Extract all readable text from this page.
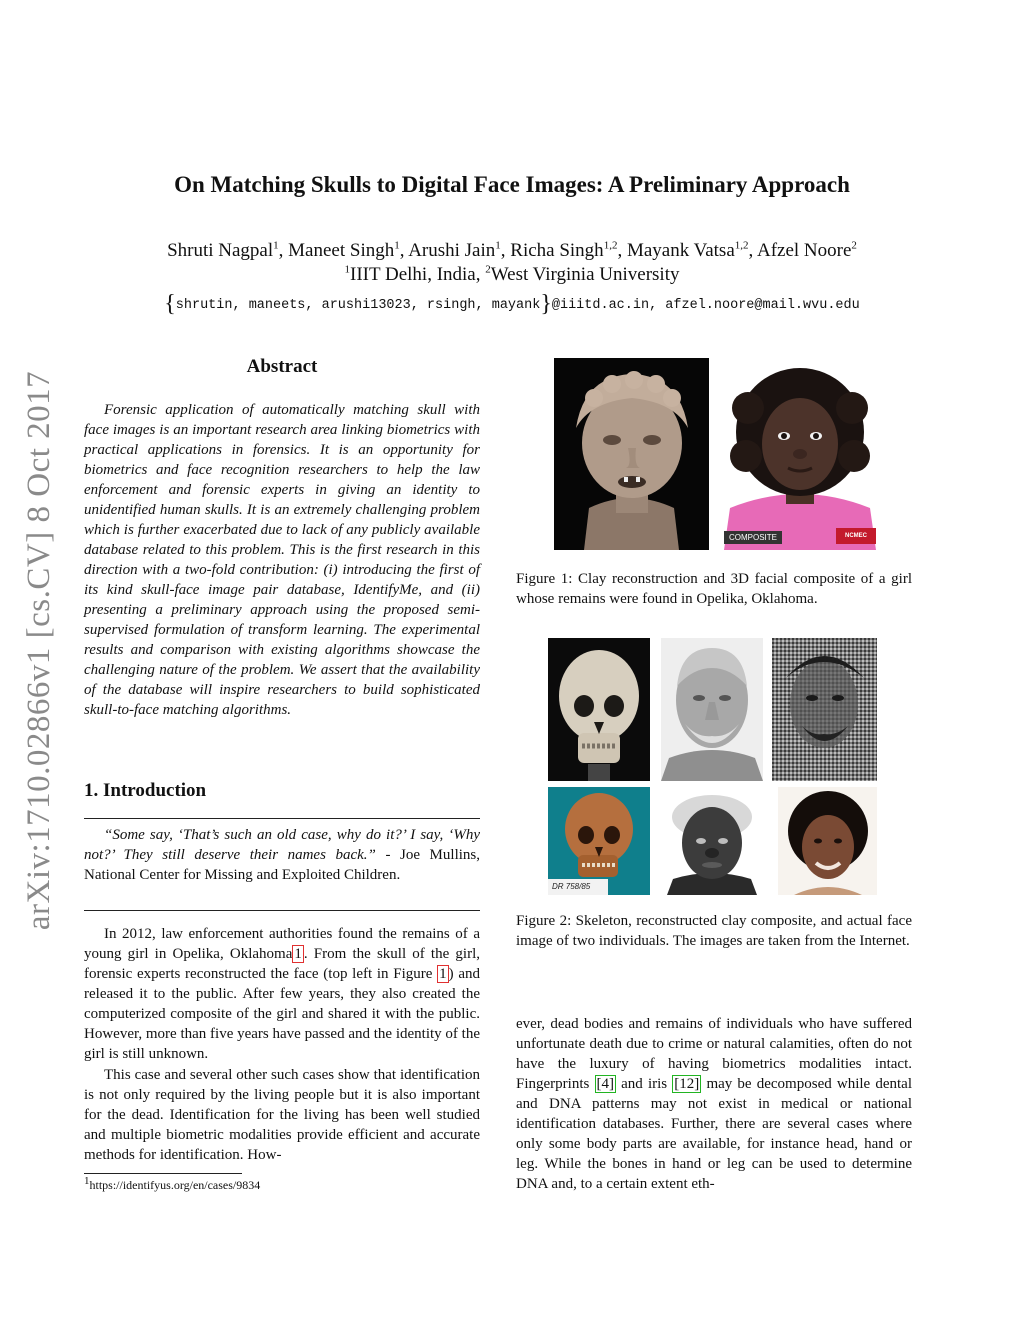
arXiv:1710.02866v1 [cs.CV] 8 Oct 2017
On Matching Skulls to Digital Face Images: A Preliminary Approach
Shruti Nagpal$^1$, Maneet Singh$^1$, Arushi Jain$^1$, Richa Singh$^{1,2}$, Mayank Vatsa$^{1,2}$, Afzel Noore$^2$
$^1$IIIT Delhi, India, $^2$West Virginia University
{shrutin, maneets, arushi13023, rsingh, mayank}@iiitd.ac.in, afzel.noore@mail.wvu.edu
Abstract

Forensic application of automatically matching skull with face images is an important research area linking biometrics with practical applications in forensics. It is an opportunity for biometrics and face recognition researchers to help the law enforcement and forensic experts in giving an identity to unidentified human skulls. It is an extremely challenging problem which is further exacerbated due to lack of any publicly available database related to this problem. This is the first research in this direction with a two-fold contribution: (i) introducing the first of its kind skull-face image pair database, IdentifyMe, and (ii) presenting a preliminary approach using the proposed semi-supervised formulation of transform learning. The experimental results and comparison with existing algorithms showcase the challenging nature of the problem. We assert that the availability of the database will inspire researchers to build sophisticated skull-to-face matching algorithms.

1. Introduction

“Some say, ‘That’s such an old case, why do it?’ I say, ‘Why not?’ They still deserve their names back.” - Joe Mullins, National Center for Missing and Exploited Children.

In 2012, law enforcement authorities found the remains of a young girl in Opelika, Oklahoma 1 . From the skull of the girl, forensic experts reconstructed the face (top left in Figure 1 ) and released it to the public. After few years, they also created the computerized composite of the girl and shared it with the public. However, more than five years have passed and the identity of the girl is still unknown.

This case and several other such cases show that identification is not only required by the living people but it is also important for the dead. Identification for the living has been well studied and multiple biometric modalities provide efficient and accurate methods for identification. How-

$^1$https://identifyus.org/en/cases/9834
COMPOSITE	NCMEC

Figure 1: Clay reconstruction and 3D facial composite of a girl whose remains were found in Opelika, Oklahoma.

DR 758/85

Figure 2: Skeleton, reconstructed clay composite, and actual face image of two individuals. The images are taken from the Internet.

ever, dead bodies and remains of individuals who have suffered unfortunate death due to crime or natural calamities, often do not have the luxury of having biometrics modalities intact. Fingerprints [4] and iris [12] may be decomposed while dental and DNA patterns may not exist in medical or national identification databases. Further, there are several cases where only some body parts are available, for instance head, hand or leg. While the bones in hand or leg can be used to determine DNA and, to a certain extent eth-
